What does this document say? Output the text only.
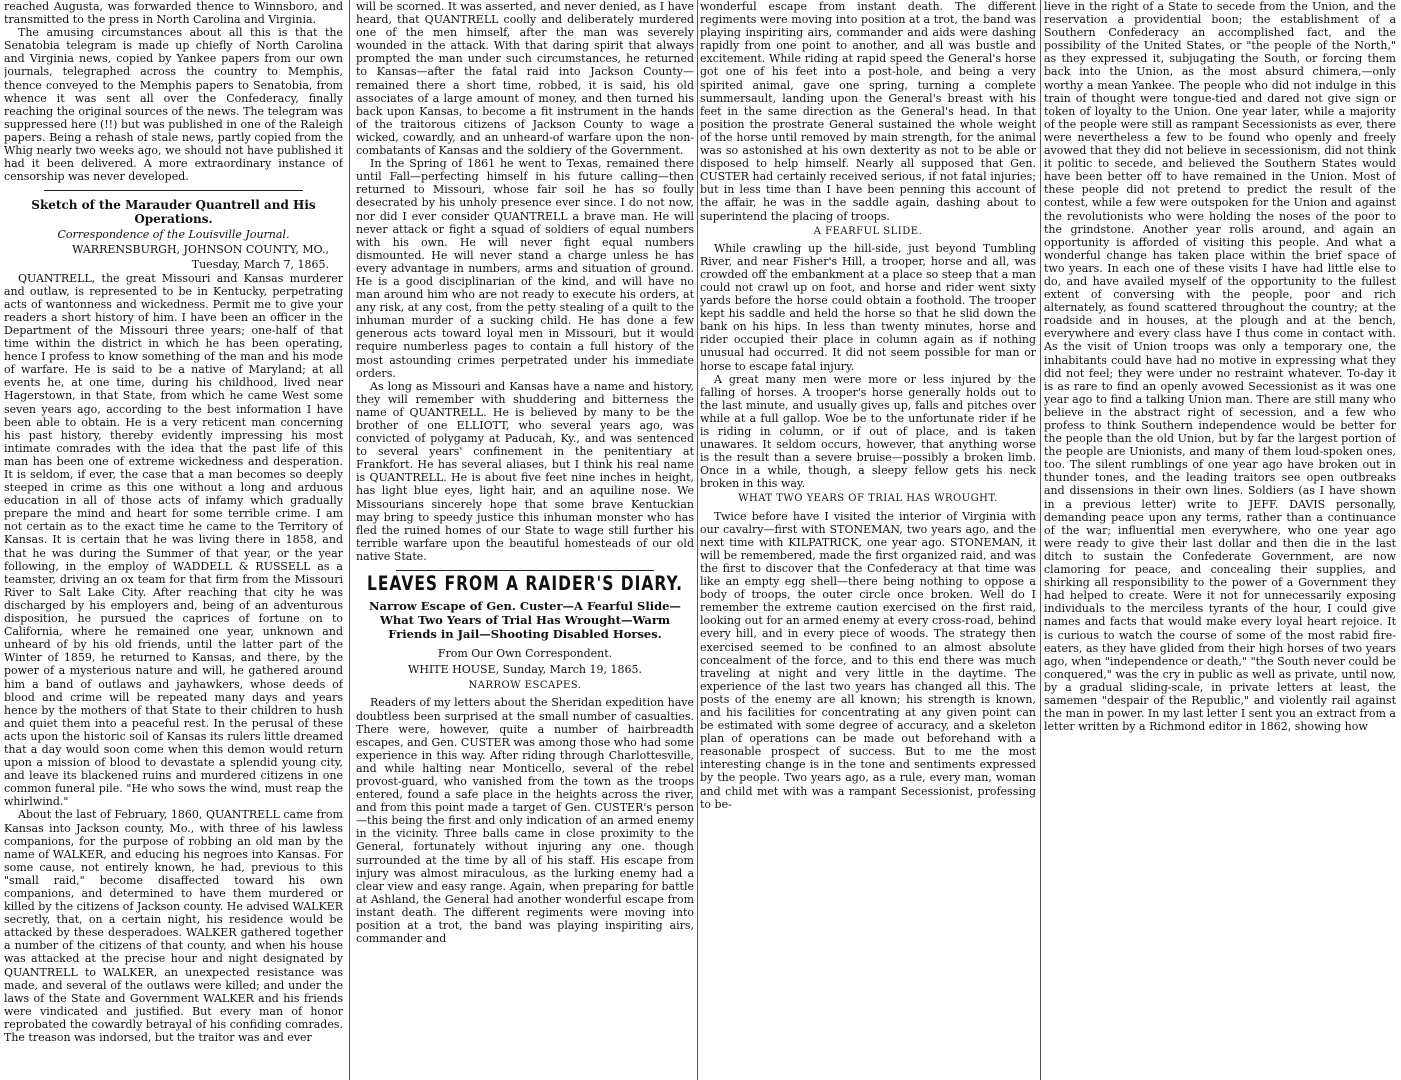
reached Augusta, was forwarded thence to Winnsboro, and transmitted to the press in North Carolina and Virginia.

The amusing circumstances about all this is that the Senatobia telegram is made up chiefly of North Carolina and Virginia news, copied by Yankee papers from our own journals, telegraphed across the country to Memphis, thence conveyed to the Memphis papers to Senatobia, from whence it was sent all over the Confederacy, finally reaching the original sources of the news. The telegram was suppressed here (!!) but was published in one of the Raleigh papers. Being a rehash of stale news, partly copied from the Whig nearly two weeks ago, we should not have published it had it been delivered. A more extraordinary instance of censorship was never developed.

Sketch of the Marauder Quantrell and His Operations.
Correspondence of the Louisville Journal.
WARRENSBURGH, JOHNSON COUNTY, MO.,
Tuesday, March 7, 1865.

QUANTRELL, the great Missouri and Kansas murderer and outlaw, is represented to be in Kentucky, perpetrating acts of wantonness and wickedness. Permit me to give your readers a short history of him. I have been an officer in the Department of the Missouri three years; one-half of that time within the district in which he has been operating, hence I profess to know something of the man and his mode of warfare. He is said to be a native of Maryland; at all events he, at one time, during his childhood, lived near Hagerstown, in that State, from which he came West some seven years ago, according to the best information I have been able to obtain. He is a very reticent man concerning his past history, thereby evidently impressing his most intimate comrades with the idea that the past life of this man has been one of extreme wickedness and desperation. It is seldom, if ever, the case that a man becomes so deeply steeped in crime as this one without a long and arduous education in all of those acts of infamy which gradually prepare the mind and heart for some terrible crime. I am not certain as to the exact time he came to the Territory of Kansas. It is certain that he was living there in 1858, and that he was during the Summer of that year, or the year following, in the employ of WADDELL & RUSSELL as a teamster, driving an ox team for that firm from the Missouri River to Salt Lake City. After reaching that city he was discharged by his employers and, being of an adventurous disposition, he pursued the caprices of fortune on to California, where he remained one year, unknown and unheard of by his old friends, until the latter part of the Winter of 1859, he returned to Kansas, and there, by the power of a mysterious nature and will, he gathered around him a band of outlaws and jayhawkers, whose deeds of blood and crime will be repeated many days and years hence by the mothers of that State to their children to hush and quiet them into a peaceful rest. In the perusal of these acts upon the historic soil of Kansas its rulers little dreamed that a day would soon come when this demon would return upon a mission of blood to devastate a splendid young city, and leave its blackened ruins and murdered citizens in one common funeral pile. "He who sows the wind, must reap the whirlwind."

About the last of February, 1860, QUANTRELL came from Kansas into Jackson county, Mo., with three of his lawless companions, for the purpose of robbing an old man by the name of WALKER, and educing his negroes into Kansas. For some cause, not entirely known, he had, previous to this "small raid," become disaffected toward his own companions, and determined to have them murdered or killed by the citizens of Jackson county. He advised WALKER secretly, that, on a certain night, his residence would be attacked by these desperadoes. WALKER gathered together a number of the citizens of that county, and when his house was attacked at the precise hour and night designated by QUANTRELL to WALKER, an unexpected resistance was made, and several of the outlaws were killed; and under the laws of the State and Government WALKER and his friends were vindicated and justified. But every man of honor reprobated the cowardly betrayal of his confiding comrades. The treason was indorsed, but the traitor was and ever

will be scorned. It was asserted, and never denied, as I have heard, that QUANTRELL coolly and deliberately murdered one of the men himself, after the man was severely wounded in the attack. With that daring spirit that always prompted the man under such circumstances, he returned to Kansas—after the fatal raid into Jackson County—remained there a short time, robbed, it is said, his old associates of a large amount of money, and then turned his back upon Kansas, to become a fit instrument in the hands of the traitorous citizens of Jackson County to wage a wicked, cowardly, and an unheard-of warfare upon the non-combatants of Kansas and the soldiery of the Government.

In the Spring of 1861 he went to Texas, remained there until Fall—perfecting himself in his future calling—then returned to Missouri, whose fair soil he has so foully desecrated by his unholy presence ever since. I do not now, nor did I ever consider QUANTRELL a brave man. He will never attack or fight a squad of soldiers of equal numbers with his own. He will never fight equal numbers dismounted. He will never stand a charge unless he has every advantage in numbers, arms and situation of ground. He is a good disciplinarian of the kind, and will have no man around him who are not ready to execute his orders, at any risk, at any cost, from the petty stealing of a quilt to the inhuman murder of a sucking child. He has done a few generous acts toward loyal men in Missouri, but it would require numberless pages to contain a full history of the most astounding crimes perpetrated under his immediate orders.

As long as Missouri and Kansas have a name and history, they will remember with shuddering and bitterness the name of QUANTRELL. He is believed by many to be the brother of one ELLIOTT, who several years ago, was convicted of polygamy at Paducah, Ky., and was sentenced to several years' confinement in the penitentiary at Frankfort. He has several aliases, but I think his real name is QUANTRELL. He is about five feet nine inches in height, has light blue eyes, light hair, and an aquiline nose. We Missourians sincerely hope that some brave Kentuckian may bring to speedy justice this inhuman monster who has fled the ruined homes of our State to wage still further his terrible warfare upon the beautiful homesteads of our old native State.

LEAVES FROM A RAIDER'S DIARY.
Narrow Escape of Gen. Custer—A Fearful Slide—What Two Years of Trial Has Wrought—Warm Friends in Jail—Shooting Disabled Horses.
From Our Own Correspondent.
WHITE HOUSE, Sunday, March 19, 1865.
NARROW ESCAPES.

Readers of my letters about the Sheridan expedition have doubtless been surprised at the small number of casualties. There were, however, quite a number of hairbreadth escapes, and Gen. CUSTER was among those who had some experience in this way. After riding through Charlottesville, and while halting near Monticello, several of the rebel provost-guard, who vanished from the town as the troops entered, found a safe place in the heights across the river, and from this point made a target of Gen. CUSTER's person—this being the first and only indication of an armed enemy in the vicinity. Three balls came in close proximity to the General, fortunately without injuring any one. though surrounded at the time by all of his staff. His escape from injury was almost miraculous, as the lurking enemy had a clear view and easy range. Again, when preparing for battle at Ashland, the General had another wonderful escape from instant death. The different regiments were moving into position at a trot, the band was playing inspiriting airs, commander and

wonderful escape from instant death. The different regiments were moving into position at a trot, the band was playing inspiriting airs, commander and aids were dashing rapidly from one point to another, and all was bustle and excitement. While riding at rapid speed the General's horse got one of his feet into a post-hole, and being a very spirited animal, gave one spring, turning a complete summersault, landing upon the General's breast with his feet in the same direction as the General's head. In that position the prostrate General sustained the whole weight of the horse until removed by main strength, for the animal was so astonished at his own dexterity as not to be able or disposed to help himself. Nearly all supposed that Gen. CUSTER had certainly received serious, if not fatal injuries; but in less time than I have been penning this account of the affair, he was in the saddle again, dashing about to superintend the placing of troops.

A FEARFUL SLIDE.

While crawling up the hill-side, just beyond Tumbling River, and near Fisher's Hill, a trooper, horse and all, was crowded off the embankment at a place so steep that a man could not crawl up on foot, and horse and rider went sixty yards before the horse could obtain a foothold. The trooper kept his saddle and held the horse so that he slid down the bank on his hips. In less than twenty minutes, horse and rider occupied their place in column again as if nothing unusual had occurred. It did not seem possible for man or horse to escape fatal injury.

A great many men were more or less injured by the falling of horses. A trooper's horse generally holds out to the last minute, and usually gives up, falls and pitches over while at a full gallop. Woe be to the unfortunate rider if he is riding in column, or if out of place, and is taken unawares. It seldom occurs, however, that anything worse is the result than a severe bruise—possibly a broken limb. Once in a while, though, a sleepy fellow gets his neck broken in this way.

WHAT TWO YEARS OF TRIAL HAS WROUGHT.

Twice before have I visited the interior of Virginia with our cavalry—first with STONEMAN, two years ago, and the next time with KILPATRICK, one year ago. STONEMAN, it will be remembered, made the first organized raid, and was the first to discover that the Confederacy at that time was like an empty egg shell—there being nothing to oppose a body of troops, the outer circle once broken. Well do I remember the extreme caution exercised on the first raid, looking out for an armed enemy at every cross-road, behind every hill, and in every piece of woods. The strategy then exercised seemed to be confined to an almost absolute concealment of the force, and to this end there was much traveling at night and very little in the daytime. The experience of the last two years has changed all this. The posts of the enemy are all known; his strength is known, and his facilities for concentrating at any given point can be estimated with some degree of accuracy, and a skeleton plan of operations can be made out beforehand with a reasonable prospect of success. But to me the most interesting change is in the tone and sentiments expressed by the people. Two years ago, as a rule, every man, woman and child met with was a rampant Secessionist, professing to be-

lieve in the right of a State to secede from the Union, and the reservation a providential boon; the establishment of a Southern Confederacy an accomplished fact, and the possibility of the United States, or "the people of the North," as they expressed it, subjugating the South, or forcing them back into the Union, as the most absurd chimera,—only worthy a mean Yankee. The people who did not indulge in this train of thought were tongue-tied and dared not give sign or token of loyalty to the Union. One year later, while a majority of the people were still as rampant Secessionists as ever, there were nevertheless a few to be found who openly and freely avowed that they did not believe in secessionism, did not think it politic to secede, and believed the Southern States would have been better off to have remained in the Union. Most of these people did not pretend to predict the result of the contest, while a few were outspoken for the Union and against the revolutionists who were holding the noses of the poor to the grindstone. Another year rolls around, and again an opportunity is afforded of visiting this people. And what a wonderful change has taken place within the brief space of two years. In each one of these visits I have had little else to do, and have availed myself of the opportunity to the fullest extent of conversing with the people, poor and rich alternately, as found scattered throughout the country; at the roadside and in houses, at the plough and at the bench, everywhere and every class have I thus come in contact with. As the visit of Union troops was only a temporary one, the inhabitants could have had no motive in expressing what they did not feel; they were under no restraint whatever. To-day it is as rare to find an openly avowed Secessionist as it was one year ago to find a talking Union man. There are still many who believe in the abstract right of secession, and a few who profess to think Southern independence would be better for the people than the old Union, but by far the largest portion of the people are Unionists, and many of them loud-spoken ones, too. The silent rumblings of one year ago have broken out in thunder tones, and the leading traitors see open outbreaks and dissensions in their own lines. Soldiers (as I have shown in a previous letter) write to JEFF. DAVIS personally, demanding peace upon any terms, rather than a continuance of the war; influential men everywhere, who one year ago were ready to give their last dollar and then die in the last ditch to sustain the Confederate Government, are now clamoring for peace, and concealing their supplies, and shirking all responsibility to the power of a Government they had helped to create. Were it not for unnecessarily exposing individuals to the merciless tyrants of the hour, I could give names and facts that would make every loyal heart rejoice. It is curious to watch the course of some of the most rabid fire-eaters, as they have glided from their high horses of two years ago, when "independence or death," "the South never could be conquered," was the cry in public as well as private, until now, by a gradual sliding-scale, in private letters at least, the samemen "despair of the Republic," and violently rail against the man in power. In my last letter I sent you an extract from a letter written by a Richmond editor in 1862, showing how
